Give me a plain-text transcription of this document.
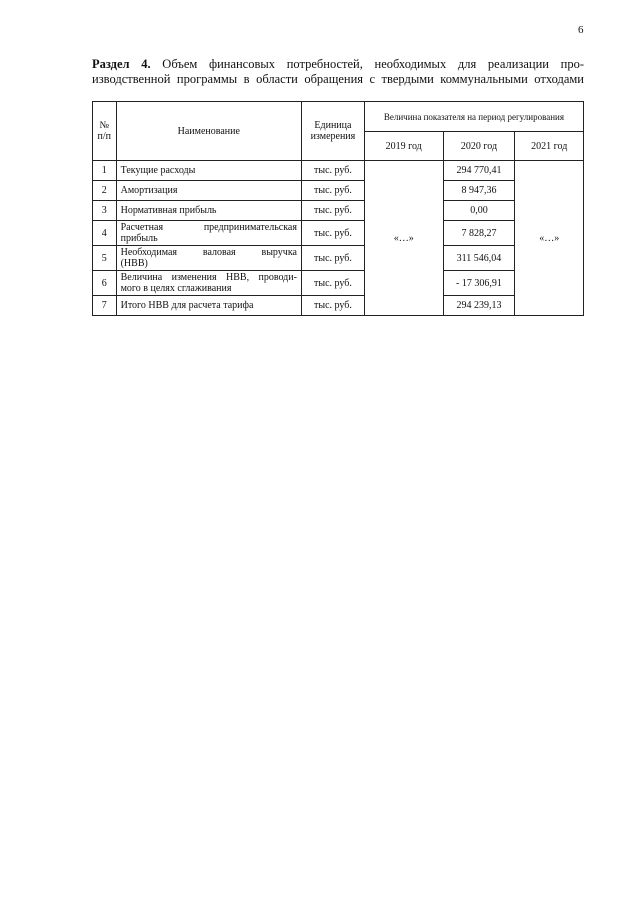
6
Раздел 4. Объем финансовых потребностей, необходимых для реализации про-
изводственной программы в области обращения с твердыми коммунальными отходами
№ п/п	Наименование	Единица измерения	Величина показателя на период регулирования		
			2019 год	2020 год	2021 год
1	Текущие расходы	тыс. руб.	«…»	294 770,41	«…»
2	Амортизация	тыс. руб.		8 947,36	
3	Нормативная прибыль	тыс. руб.		0,00	
4	Расчетная предпринимательская
прибыль	тыс. руб.		7 828,27	
5	Необходимая валовая выручка
(НВВ)	тыс. руб.		311 546,04	
6	Величина изменения НВВ, проводи-
мого в целях сглаживания	тыс. руб.		- 17 306,91	
7	Итого НВВ для расчета тарифа	тыс. руб.		294 239,13	
